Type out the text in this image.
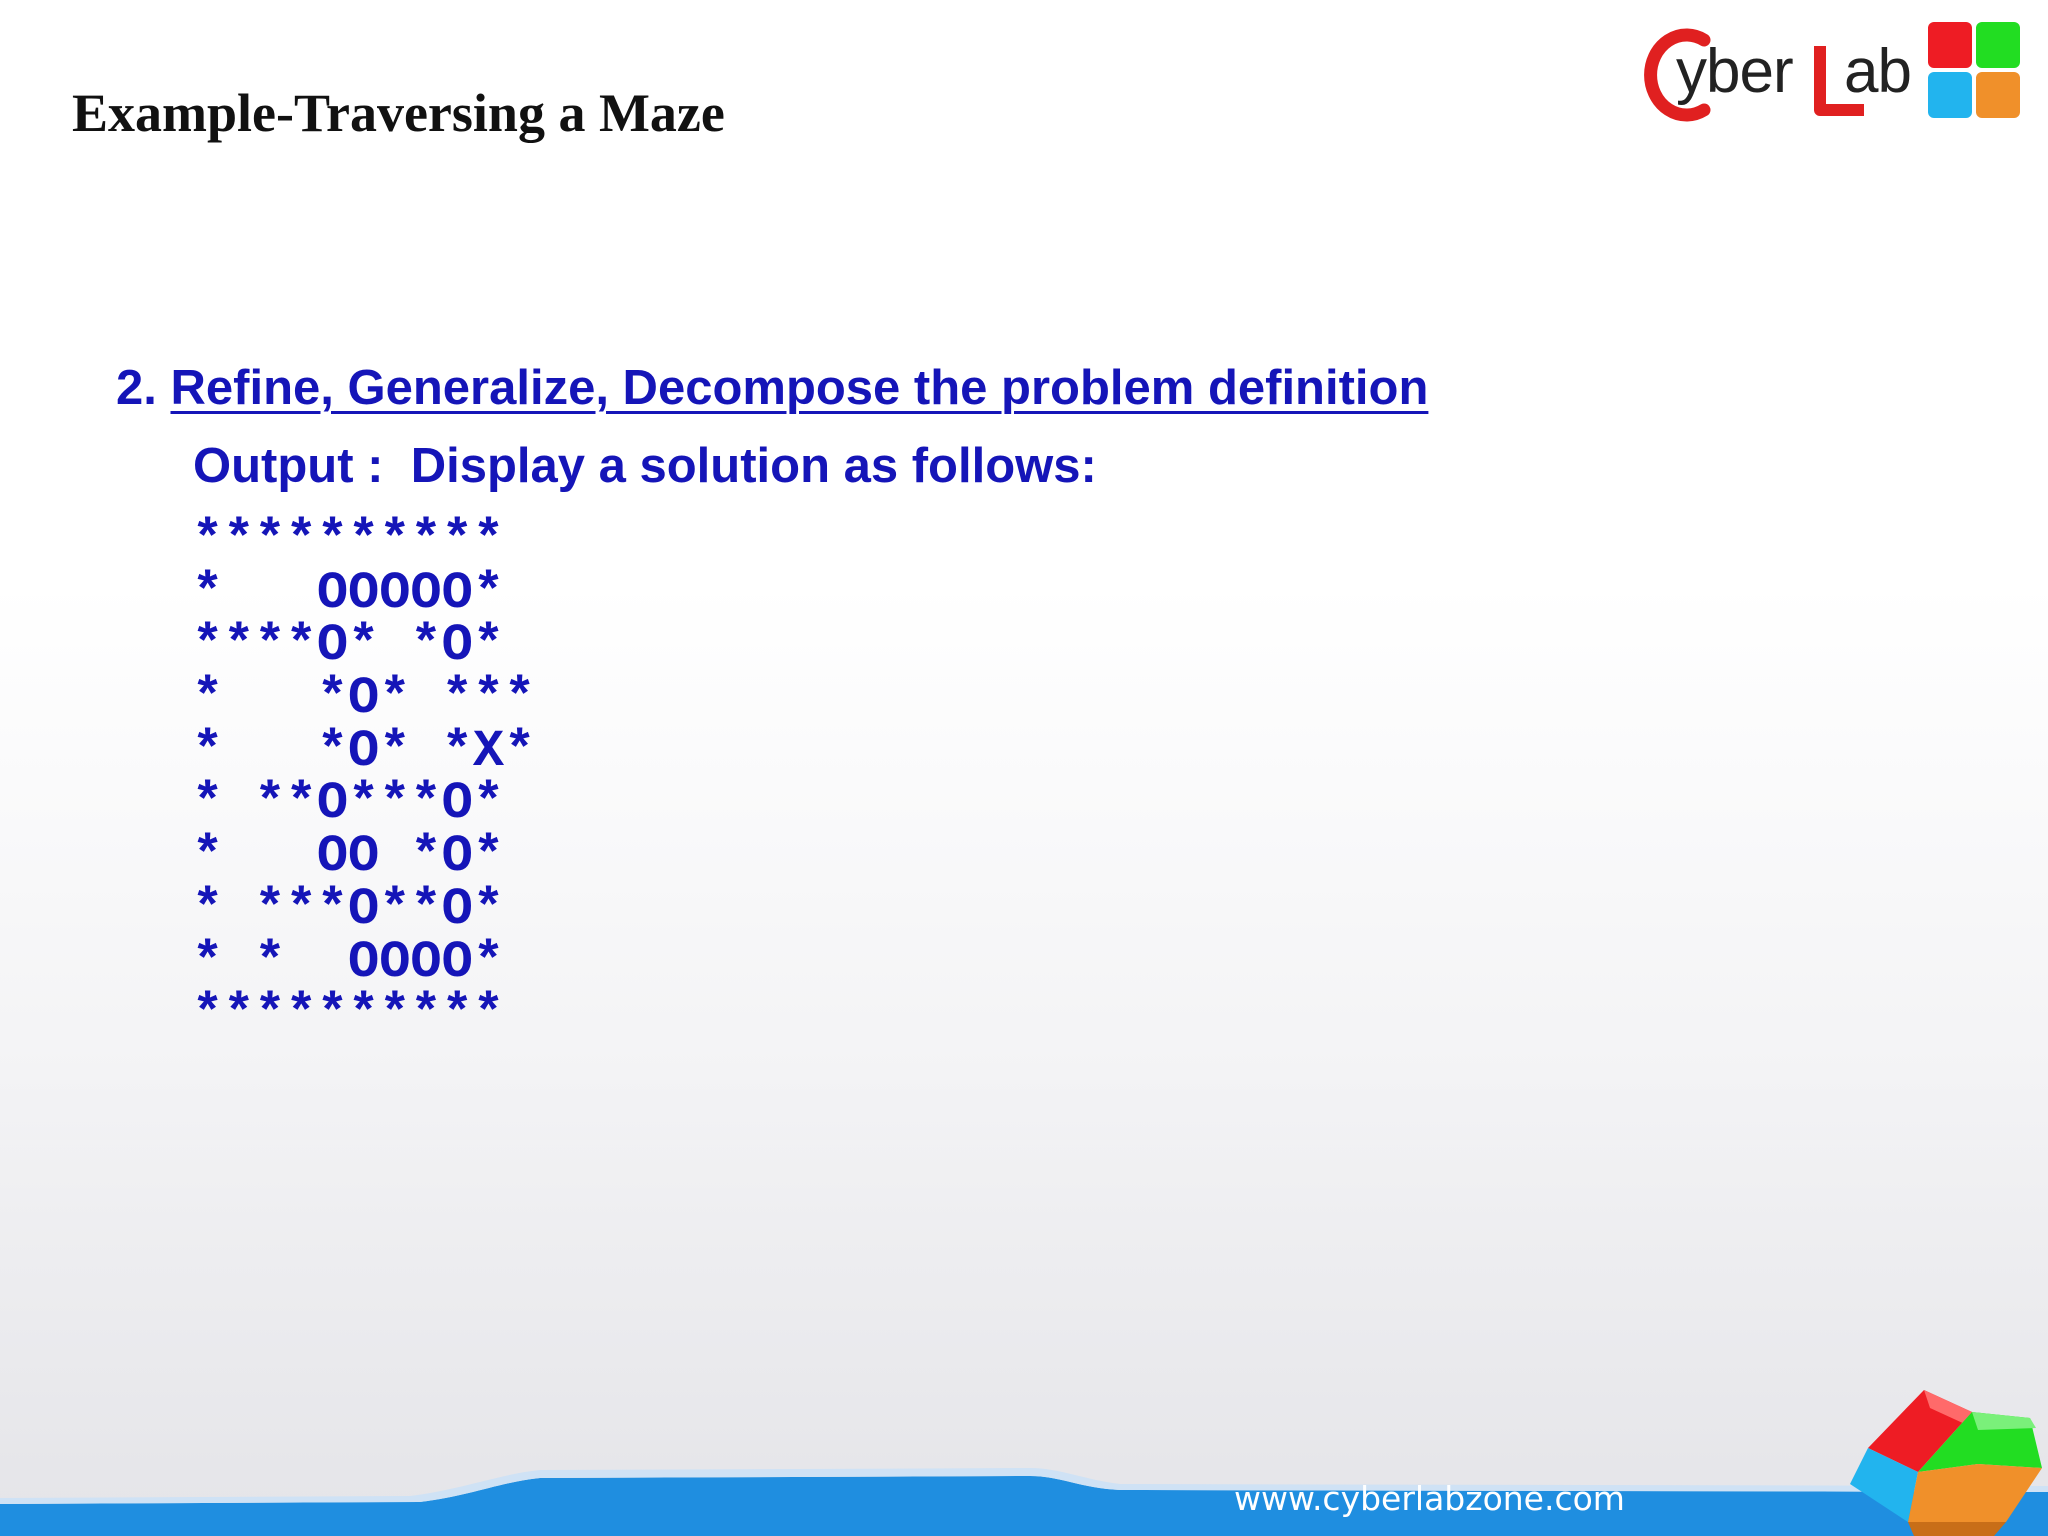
Example-Traversing a Maze
yber ab

2. Refine, Generalize, Decompose the problem definition

Output :  Display a solution as follows:

**********
*   OOOOO*
****O* *O*
*   *O* ***
*   *O* *X*
* **O***O*
*   OO *O*
* ***O**O*
* *  OOOO*
**********
www.cyberlabzone.com
